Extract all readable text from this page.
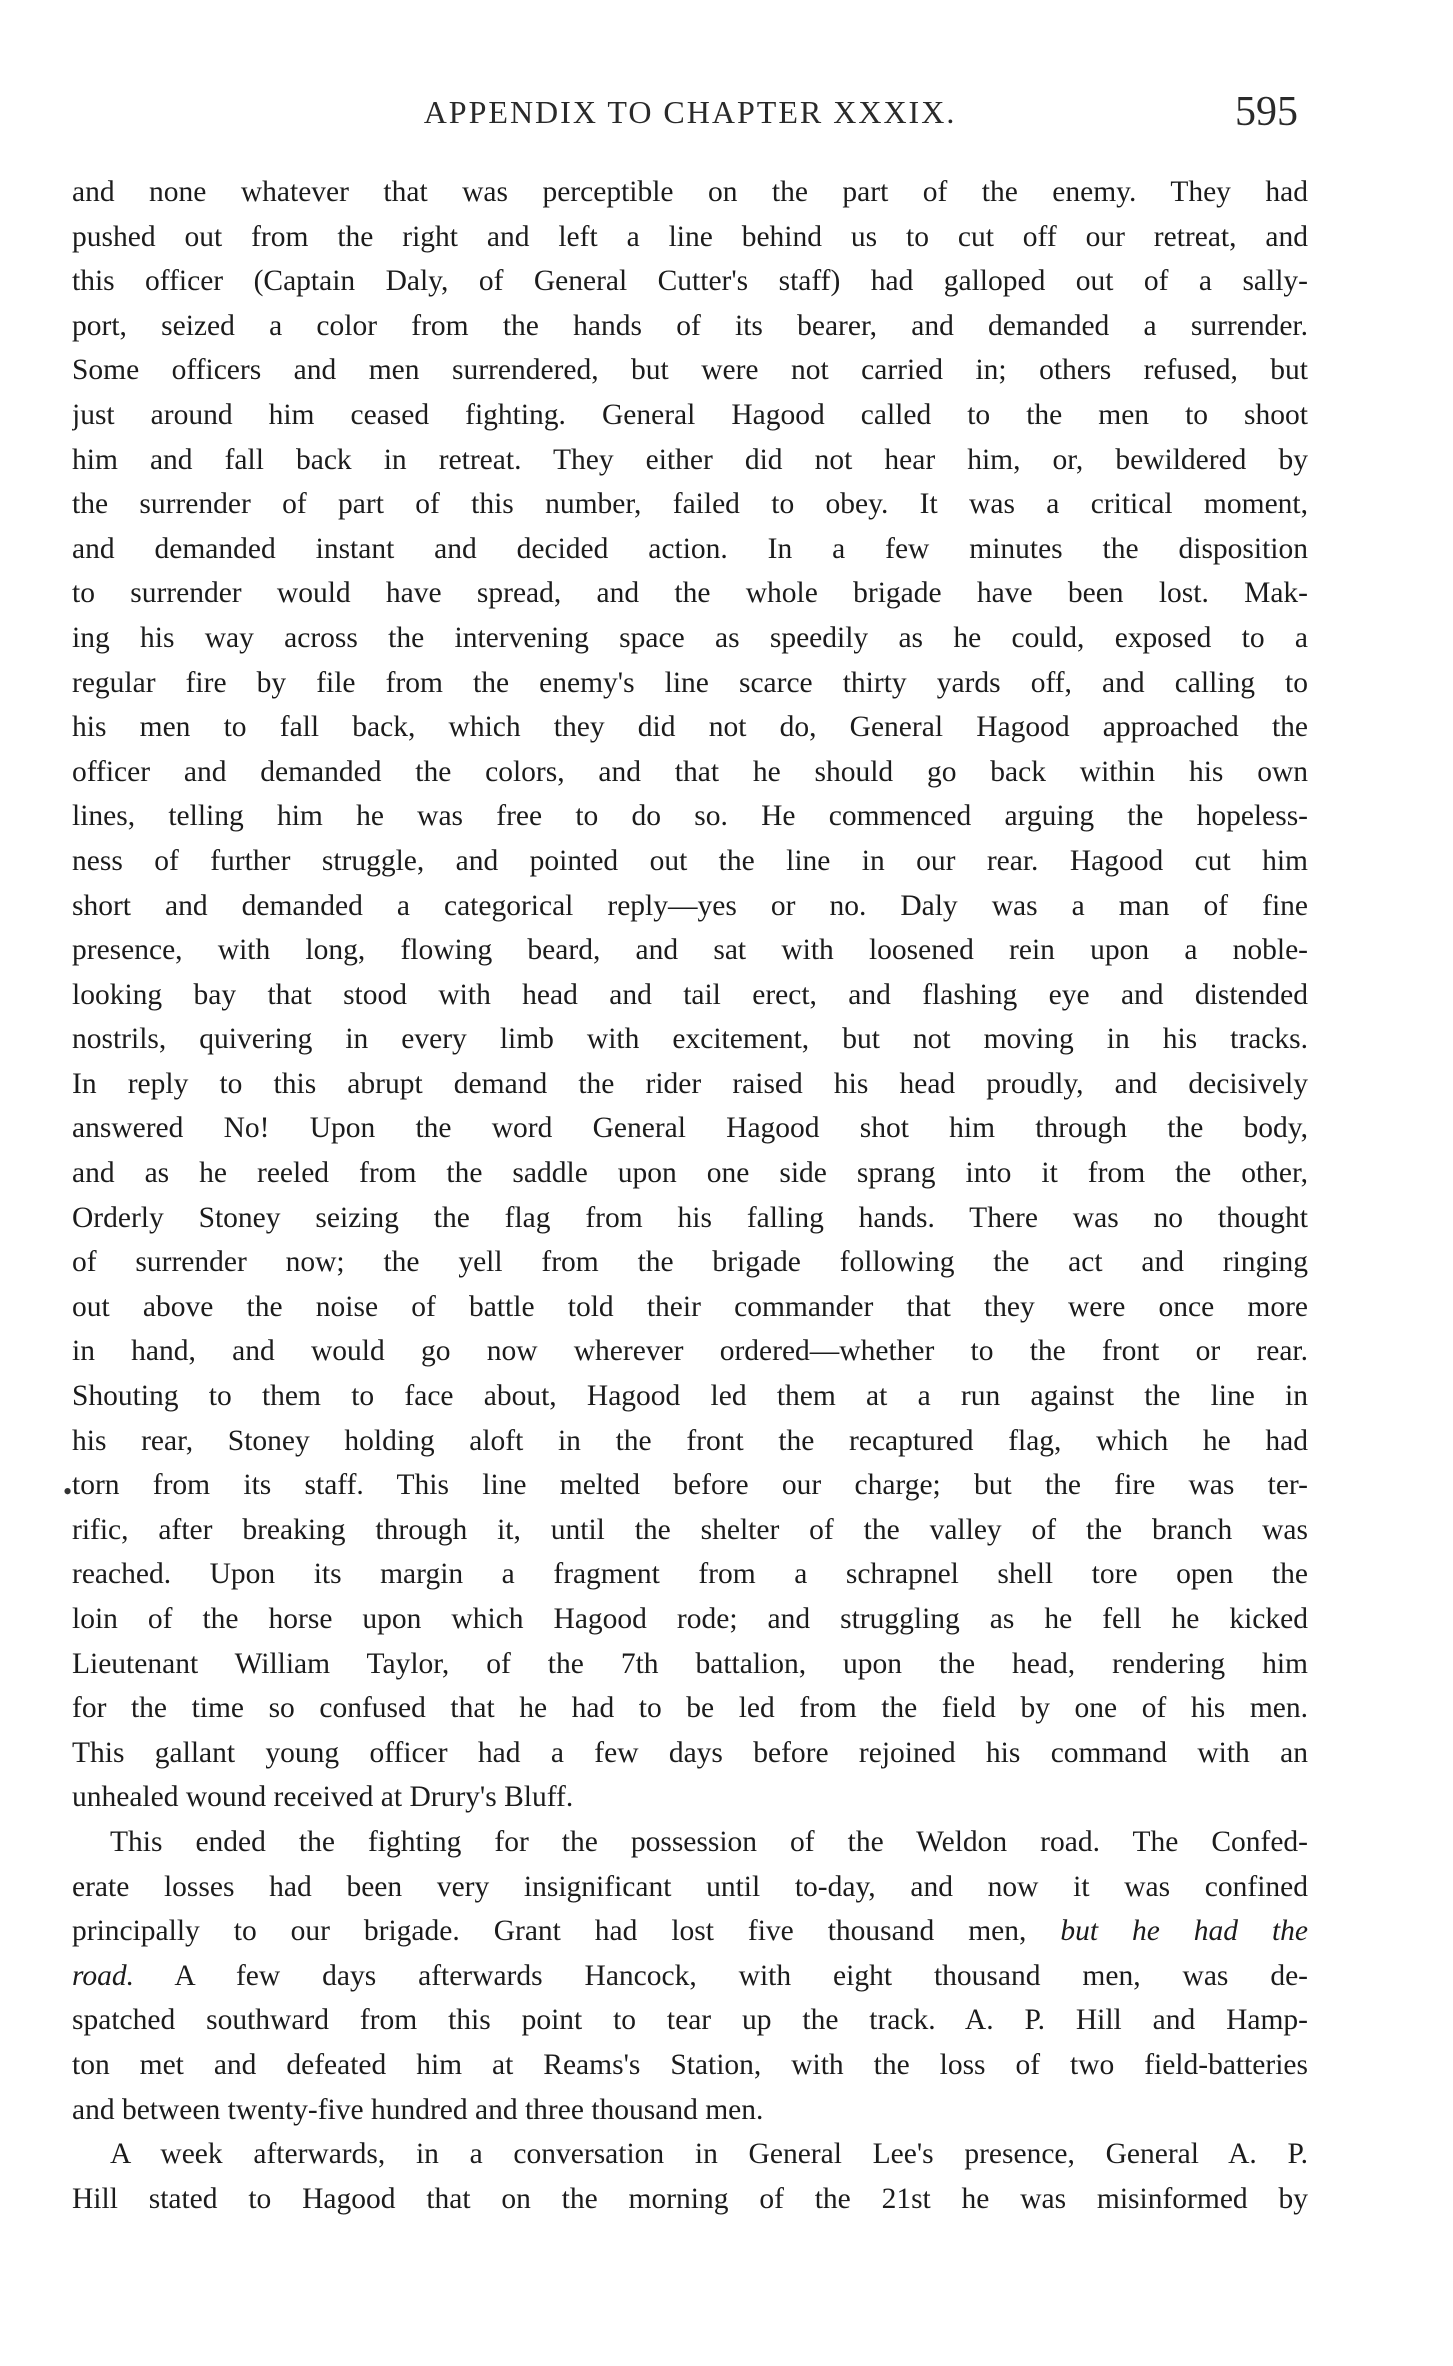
APPENDIX TO CHAPTER XXXIX.	595
•
and none whatever that was perceptible on the part of the enemy. They had
pushed out from the right and left a line behind us to cut off our retreat, and
this officer (Captain Daly, of General Cutter's staff) had galloped out of a sally-
port, seized a color from the hands of its bearer, and demanded a surrender.
Some officers and men surrendered, but were not carried in; others refused, but
just around him ceased fighting. General Hagood called to the men to shoot
him and fall back in retreat. They either did not hear him, or, bewildered by
the surrender of part of this number, failed to obey. It was a critical moment,
and demanded instant and decided action. In a few minutes the disposition
to surrender would have spread, and the whole brigade have been lost. Mak-
ing his way across the intervening space as speedily as he could, exposed to a
regular fire by file from the enemy's line scarce thirty yards off, and calling to
his men to fall back, which they did not do, General Hagood approached the
officer and demanded the colors, and that he should go back within his own
lines, telling him he was free to do so. He commenced arguing the hopeless-
ness of further struggle, and pointed out the line in our rear. Hagood cut him
short and demanded a categorical reply—yes or no. Daly was a man of fine
presence, with long, flowing beard, and sat with loosened rein upon a noble-
looking bay that stood with head and tail erect, and flashing eye and distended
nostrils, quivering in every limb with excitement, but not moving in his tracks.
In reply to this abrupt demand the rider raised his head proudly, and decisively
answered No! Upon the word General Hagood shot him through the body,
and as he reeled from the saddle upon one side sprang into it from the other,
Orderly Stoney seizing the flag from his falling hands. There was no thought
of surrender now; the yell from the brigade following the act and ringing
out above the noise of battle told their commander that they were once more
in hand, and would go now wherever ordered—whether to the front or rear.
Shouting to them to face about, Hagood led them at a run against the line in
his rear, Stoney holding aloft in the front the recaptured flag, which he had
torn from its staff. This line melted before our charge; but the fire was ter-
rific, after breaking through it, until the shelter of the valley of the branch was
reached. Upon its margin a fragment from a schrapnel shell tore open the
loin of the horse upon which Hagood rode; and struggling as he fell he kicked
Lieutenant William Taylor, of the 7th battalion, upon the head, rendering him
for the time so confused that he had to be led from the field by one of his men.
This gallant young officer had a few days before rejoined his command with an
unhealed wound received at Drury's Bluff.
This ended the fighting for the possession of the Weldon road. The Confed-
erate losses had been very insignificant until to-day, and now it was confined
principally to our brigade. Grant had lost five thousand men, but he had the
road. A few days afterwards Hancock, with eight thousand men, was de-
spatched southward from this point to tear up the track. A. P. Hill and Hamp-
ton met and defeated him at Reams's Station, with the loss of two field-batteries
and between twenty-five hundred and three thousand men.
A week afterwards, in a conversation in General Lee's presence, General A. P.
Hill stated to Hagood that on the morning of the 21st he was misinformed by
